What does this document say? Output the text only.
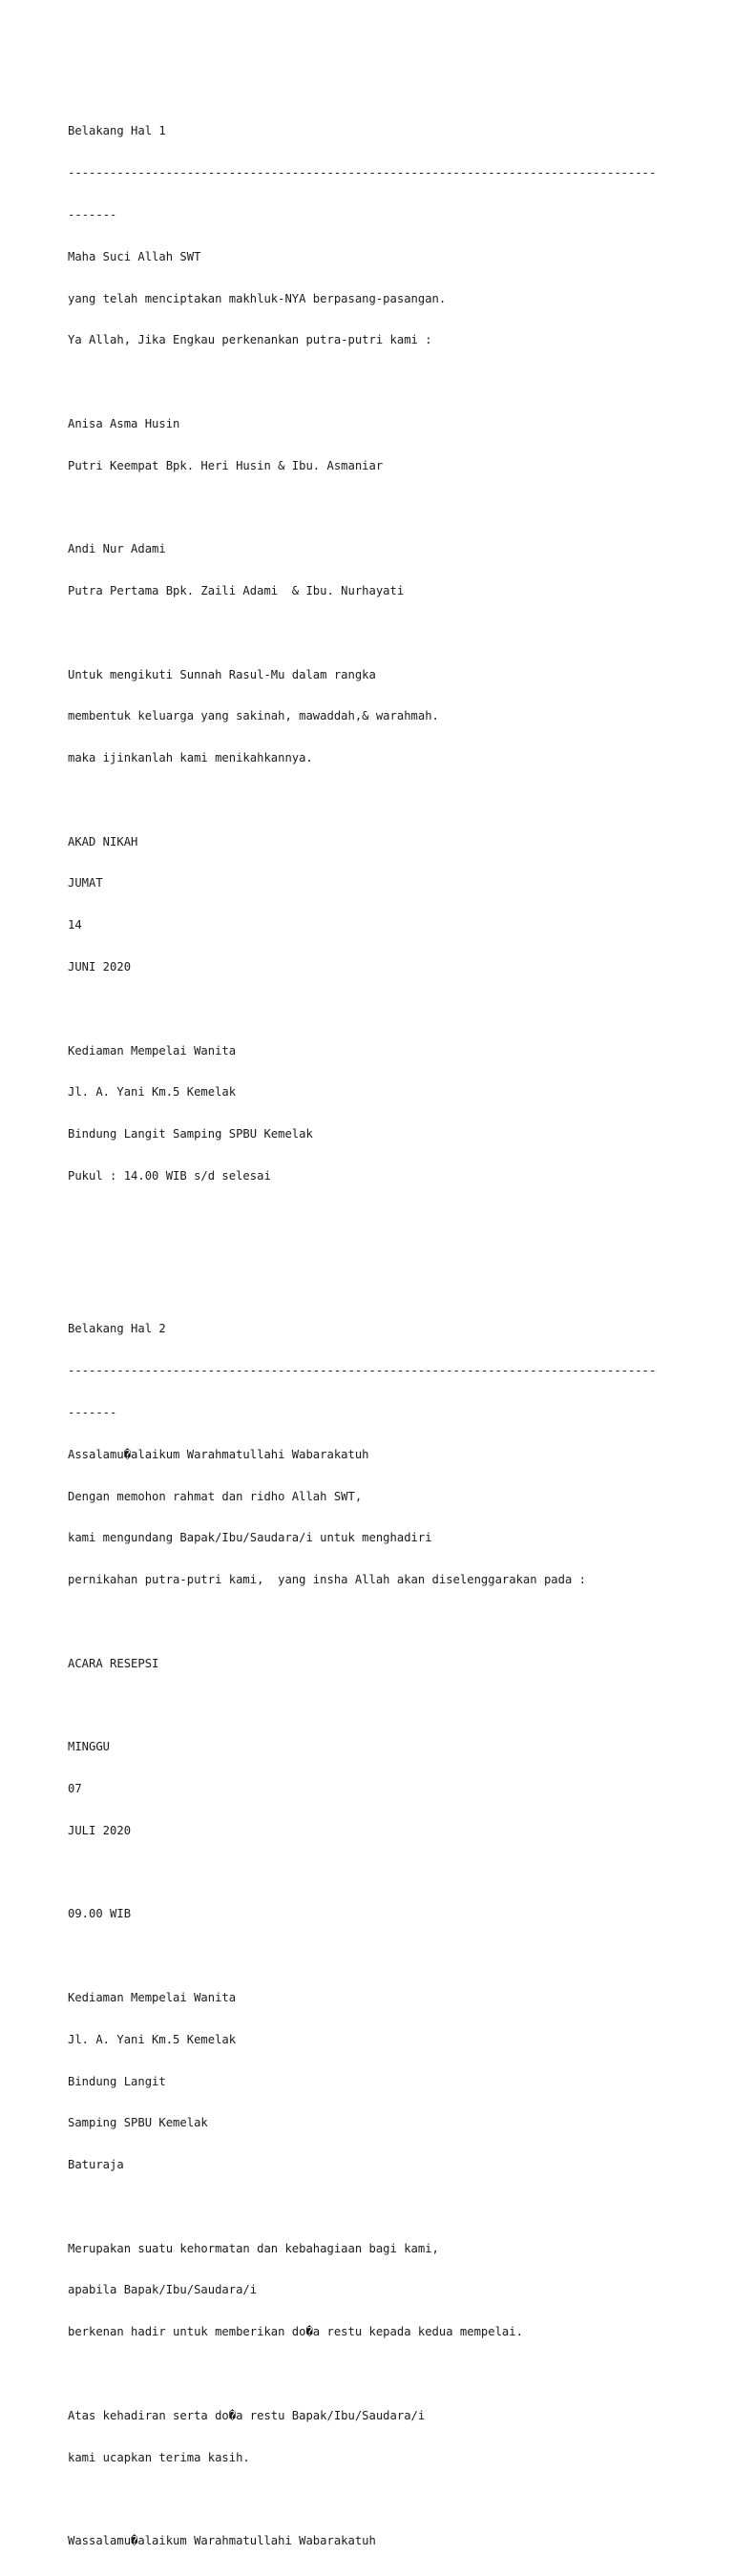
Belakang Hal 1

------------------------------------------------------------------------------------

-------

Maha Suci Allah SWT

yang telah menciptakan makhluk-NYA berpasang-pasangan.

Ya Allah, Jika Engkau perkenankan putra-putri kami :

Anisa Asma Husin

Putri Keempat Bpk. Heri Husin & Ibu. Asmaniar

Andi Nur Adami

Putra Pertama Bpk. Zaili Adami  & Ibu. Nurhayati

Untuk mengikuti Sunnah Rasul-Mu dalam rangka

membentuk keluarga yang sakinah, mawaddah,& warahmah.

maka ijinkanlah kami menikahkannya.

AKAD NIKAH

JUMAT

14

JUNI 2020

Kediaman Mempelai Wanita

Jl. A. Yani Km.5 Kemelak

Bindung Langit Samping SPBU Kemelak

Pukul : 14.00 WIB s/d selesai

Belakang Hal 2

------------------------------------------------------------------------------------

-------

Assalamu�alaikum Warahmatullahi Wabarakatuh

Dengan memohon rahmat dan ridho Allah SWT,

kami mengundang Bapak/Ibu/Saudara/i untuk menghadiri

pernikahan putra-putri kami,  yang insha Allah akan diselenggarakan pada :

ACARA RESEPSI

MINGGU

07

JULI 2020

09.00 WIB

Kediaman Mempelai Wanita

Jl. A. Yani Km.5 Kemelak

Bindung Langit

Samping SPBU Kemelak

Baturaja

Merupakan suatu kehormatan dan kebahagiaan bagi kami,

apabila Bapak/Ibu/Saudara/i

berkenan hadir untuk memberikan do�a restu kepada kedua mempelai.

Atas kehadiran serta do�a restu Bapak/Ibu/Saudara/i

kami ucapkan terima kasih.

Wassalamu�alaikum Warahmatullahi Wabarakatuh
